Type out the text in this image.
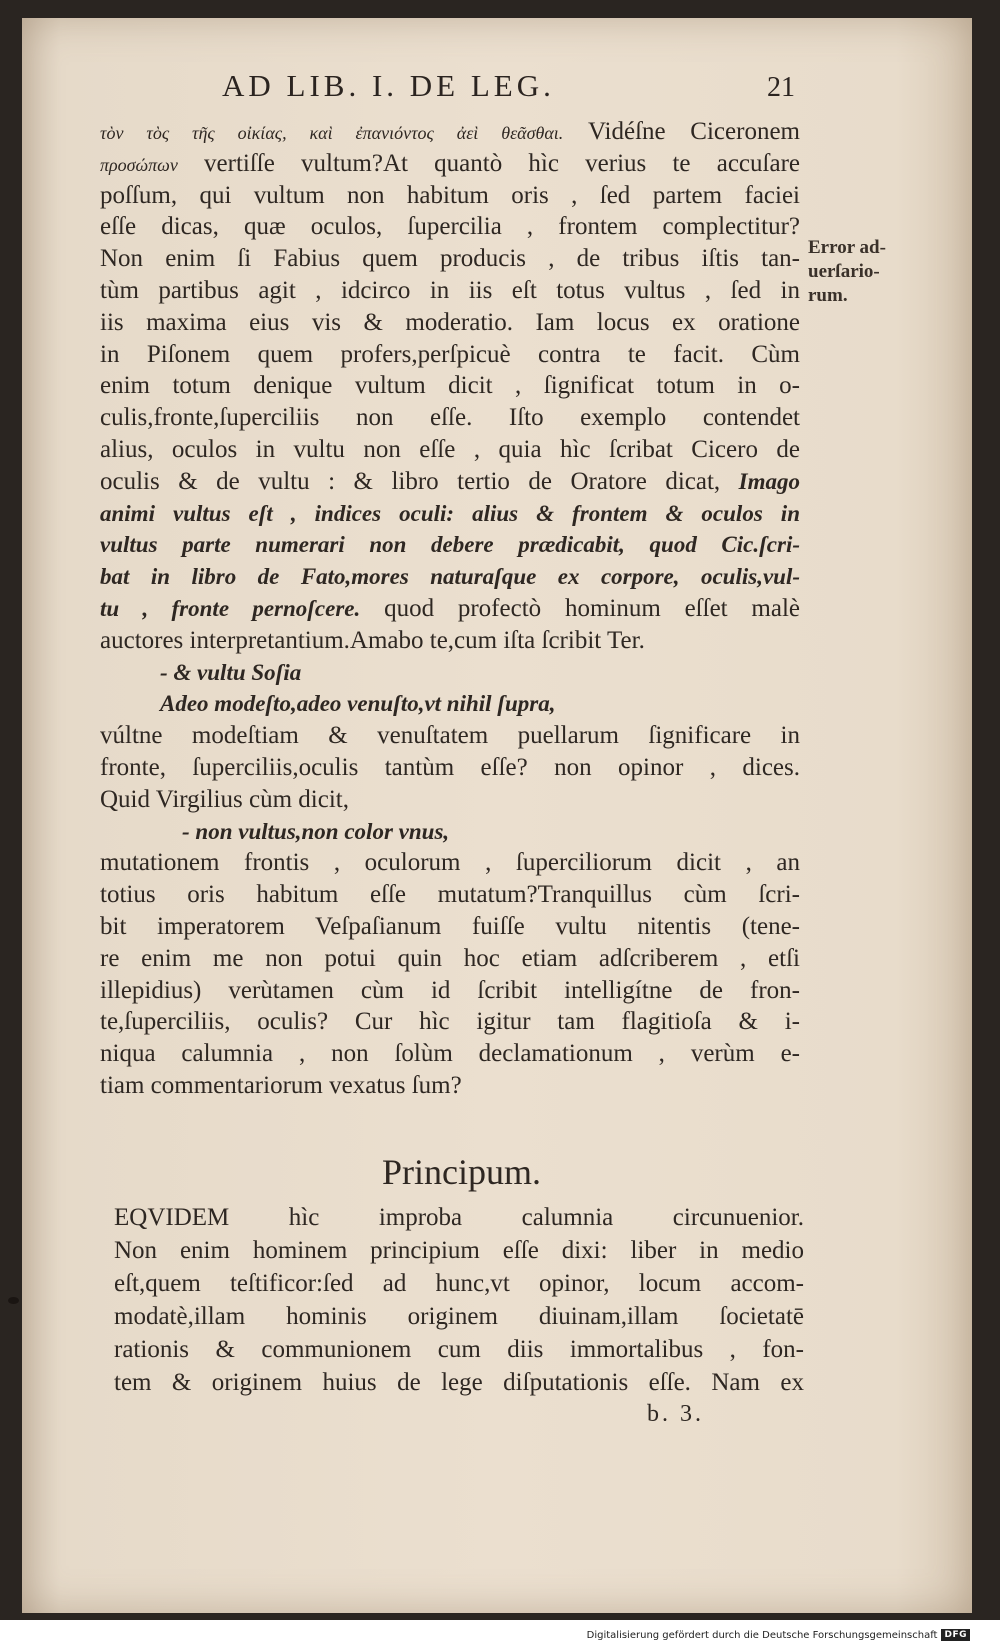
AD LIB. I. DE LEG.	21
τὸν τὸς τῆς οἰκίας, καὶ ἐπανιόντος ἀεὶ θεᾶσθαι. Vidéſne Ciceronem
προσώπων vertiſſe vultum?At quantò hìc verius te accuſare
poſſum, qui vultum non habitum oris , ſed partem faciei
eſſe dicas, quæ oculos, ſupercilia , frontem complectitur?
Non enim ſi Fabius quem producis , de tribus iſtis tan-
tùm partibus agit , idcirco in iis eſt totus vultus , ſed in
iis maxima eius vis & moderatio. Iam locus ex oratione
in Piſonem quem profers,perſpicuè contra te facit. Cùm
enim totum denique vultum dicit , ſignificat totum in o-
culis,fronte,ſuperciliis non eſſe. Iſto exemplo contendet
alius, oculos in vultu non eſſe , quia hìc ſcribat Cicero de
oculis & de vultu : & libro tertio de Oratore dicat, Imago
animi vultus eſt , indices oculi: alius & frontem & oculos in
vultus parte numerari non debere prædicabit, quod Cic.ſcri-
bat in libro de Fato,mores naturaſque ex corpore, oculis,vul-
tu , fronte pernoſcere. quod profectò hominum eſſet malè
auctores interpretantium.Amabo te,cum iſta ſcribit Ter.
- & vultu Soſia
Adeo modeſto,adeo venuſto,vt nihil ſupra,
vúltne modeſtiam & venuſtatem puellarum ſignificare in
fronte, ſuperciliis,oculis tantùm eſſe? non opinor , dices.
Quid Virgilius cùm dicit,
- non vultus,non color vnus,
mutationem frontis , oculorum , ſuperciliorum dicit , an
totius oris habitum eſſe mutatum?Tranquillus cùm ſcri-
bit imperatorem Veſpaſianum fuiſſe vultu nitentis (tene-
re enim me non potui quin hoc etiam adſcriberem , etſi
illepidius) verùtamen cùm id ſcribit intelligítne de fron-
te,ſuperciliis, oculis? Cur hìc igitur tam flagitioſa & i-
niqua calumnia , non ſolùm declamationum , verùm e-
tiam commentariorum vexatus ſum?
Error ad-
uerſario-
rum.
Principum.
EQVIDEM hìc improba calumnia circunuenior.
Non enim hominem principium eſſe dixi: liber in medio
eſt,quem teſtificor:ſed ad hunc,vt opinor, locum accom-
modatè,illam hominis originem diuinam,illam ſocietatē
rationis & communionem cum diis immortalibus , fon-
tem & originem huius de lege diſputationis eſſe. Nam ex
b. 3.
Digitalisierung gefördert durch die Deutsche Forschungsgemeinschaft DFG
